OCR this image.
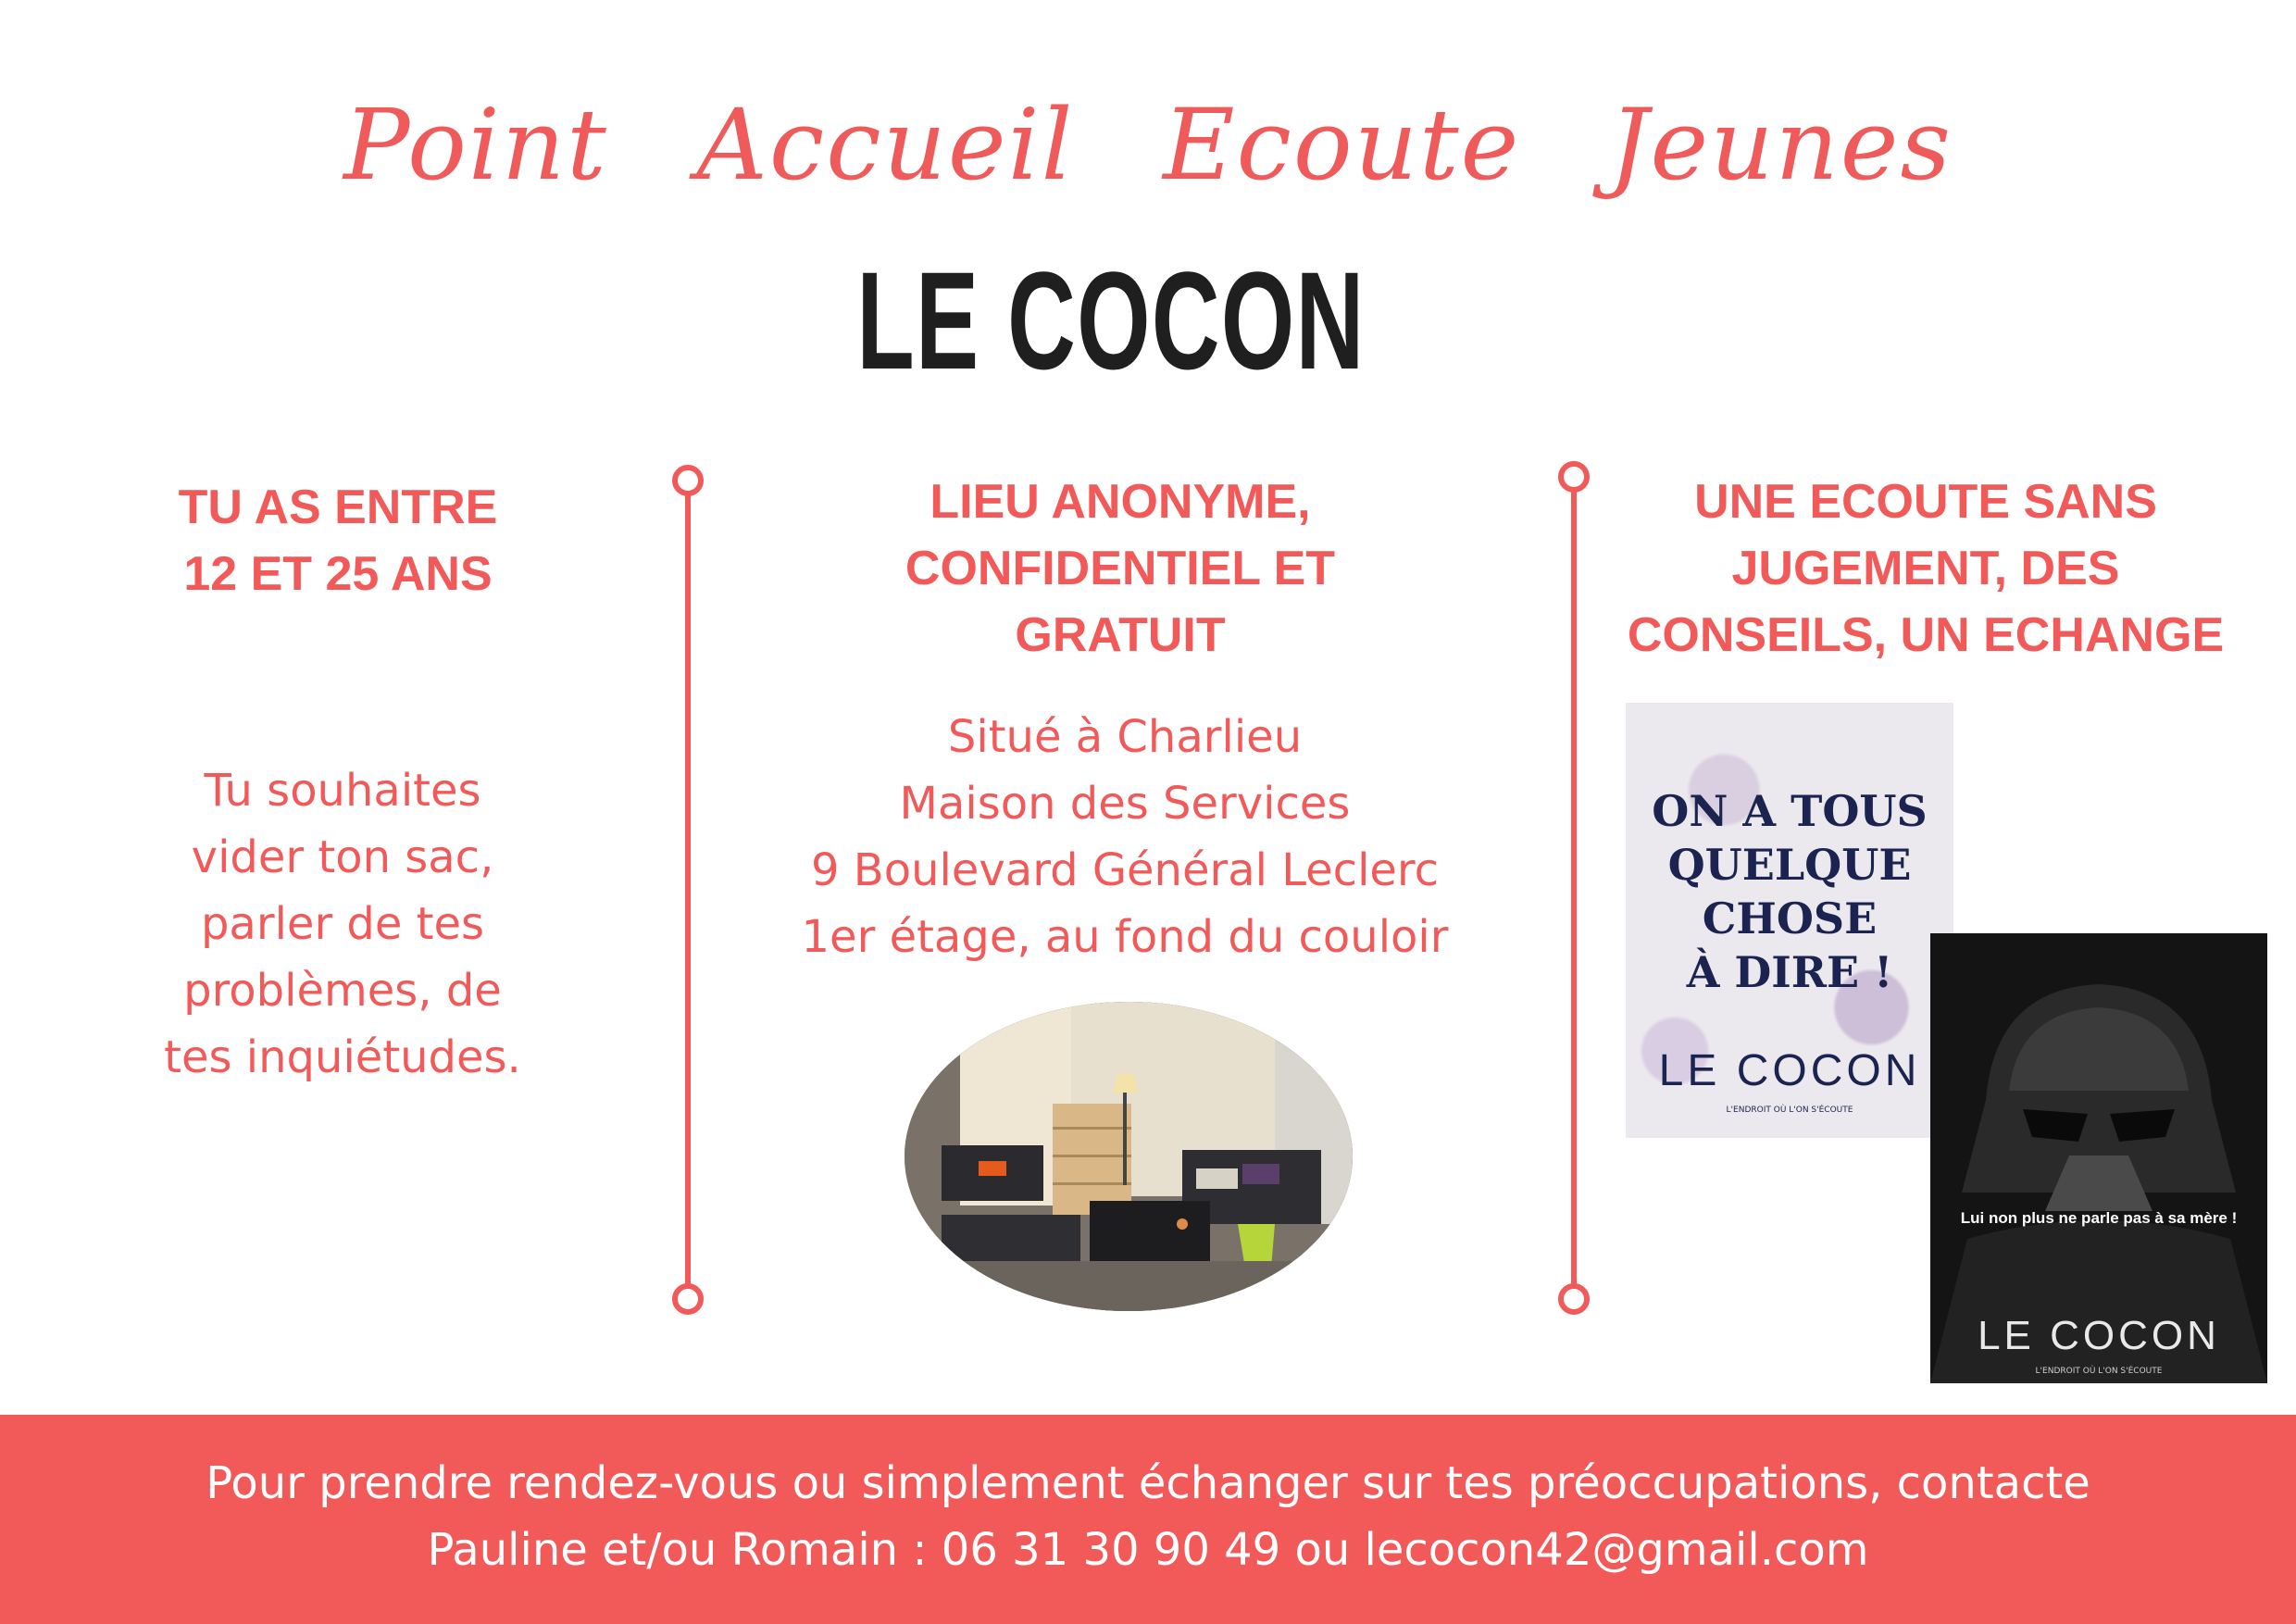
Point Accueil Ecoute Jeunes
LE COCON
TU AS ENTRE
12 ET 25 ANS
Tu souhaites
vider ton sac,
parler de tes
problèmes, de
tes inquiétudes.
LIEU ANONYME,
CONFIDENTIEL ET
GRATUIT
Situé à Charlieu
Maison des Services
9 Boulevard Général Leclerc
1er étage, au fond du couloir
UNE ECOUTE SANS
JUGEMENT, DES
CONSEILS, UN ECHANGE
ON A TOUS
QUELQUE
CHOSE
À DIRE !
LE COCON
L'ENDROIT OÙ L'ON S'ÉCOUTE
Lui non plus ne parle pas à sa mère !
LE COCON
L'ENDROIT OÙ L'ON S'ÉCOUTE
Pour prendre rendez-vous ou simplement échanger sur tes préoccupations, contacte
Pauline et/ou Romain : 06 31 30 90 49 ou lecocon42@gmail.com
